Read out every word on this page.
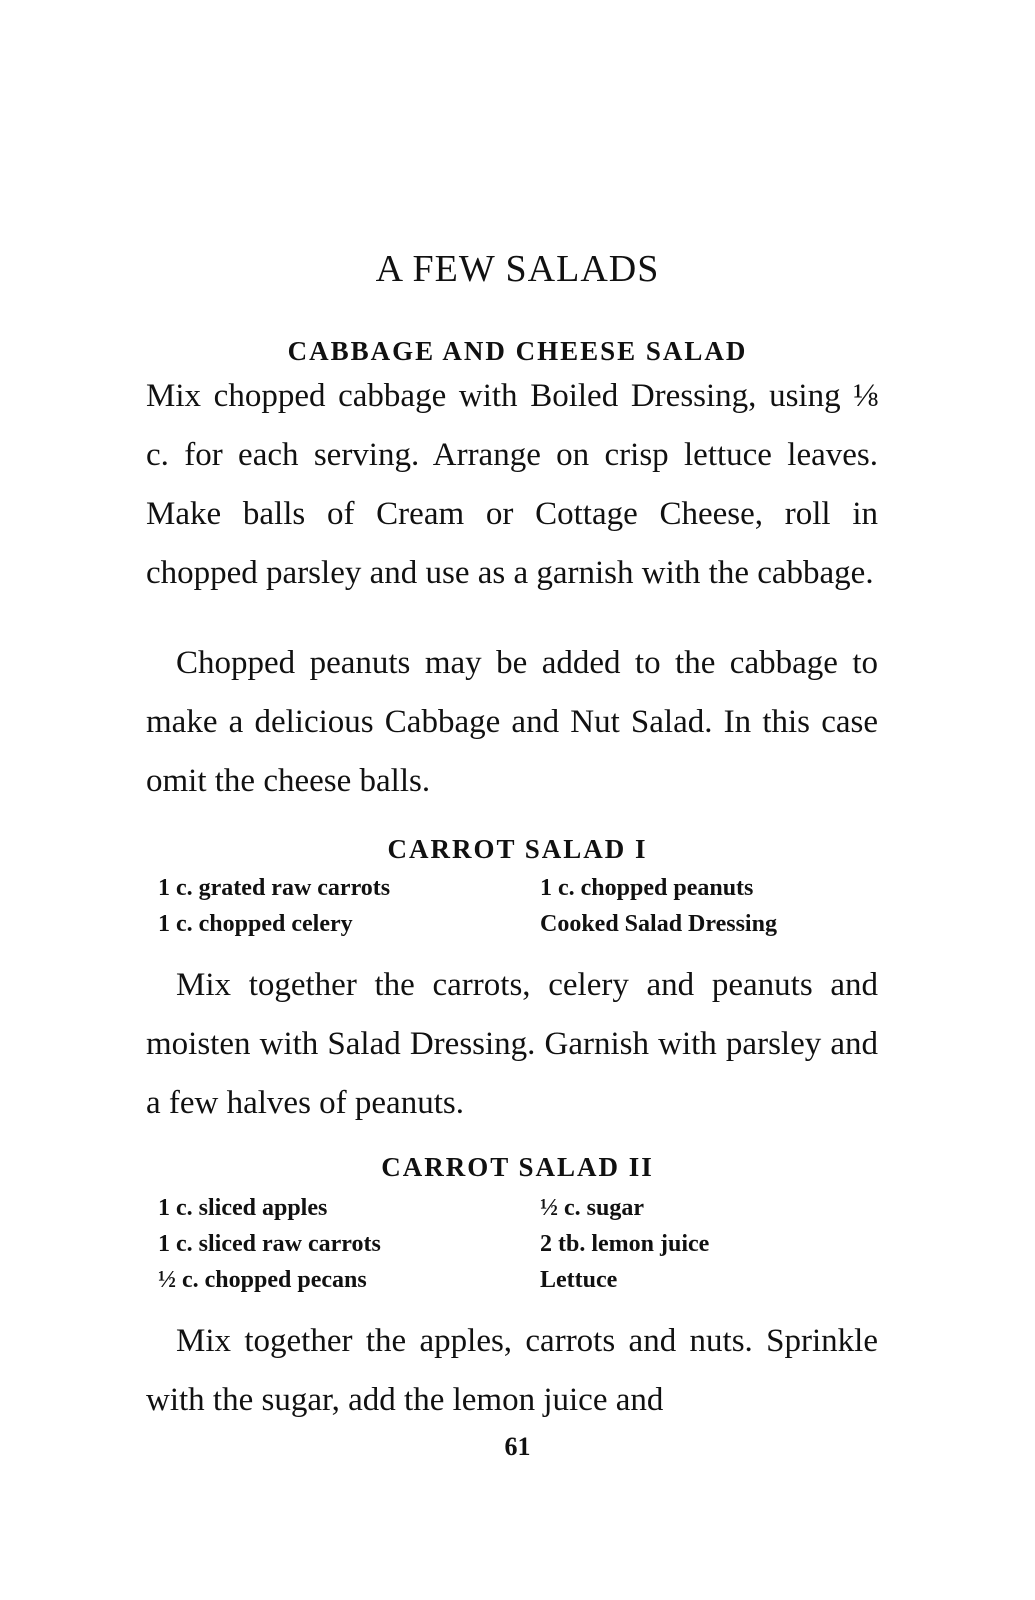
A FEW SALADS
CABBAGE AND CHEESE SALAD

Mix chopped cabbage with Boiled Dressing, using ⅛ c. for each serving. Arrange on crisp lettuce leaves. Make balls of Cream or Cottage Cheese, roll in chopped parsley and use as a garnish with the cabbage.

Chopped peanuts may be added to the cabbage to make a delicious Cabbage and Nut Salad. In this case omit the cheese balls.

CARROT SALAD I
1 c. grated raw carrots	1 c. chopped peanuts
1 c. chopped celery	Cooked Salad Dressing

Mix together the carrots, celery and peanuts and moisten with Salad Dressing. Garnish with parsley and a few halves of peanuts.

CARROT SALAD II
1 c. sliced apples	½ c. sugar
1 c. sliced raw carrots	2 tb. lemon juice
½ c. chopped pecans	Lettuce

Mix together the apples, carrots and nuts. Sprinkle with the sugar, add the lemon juice and

61
